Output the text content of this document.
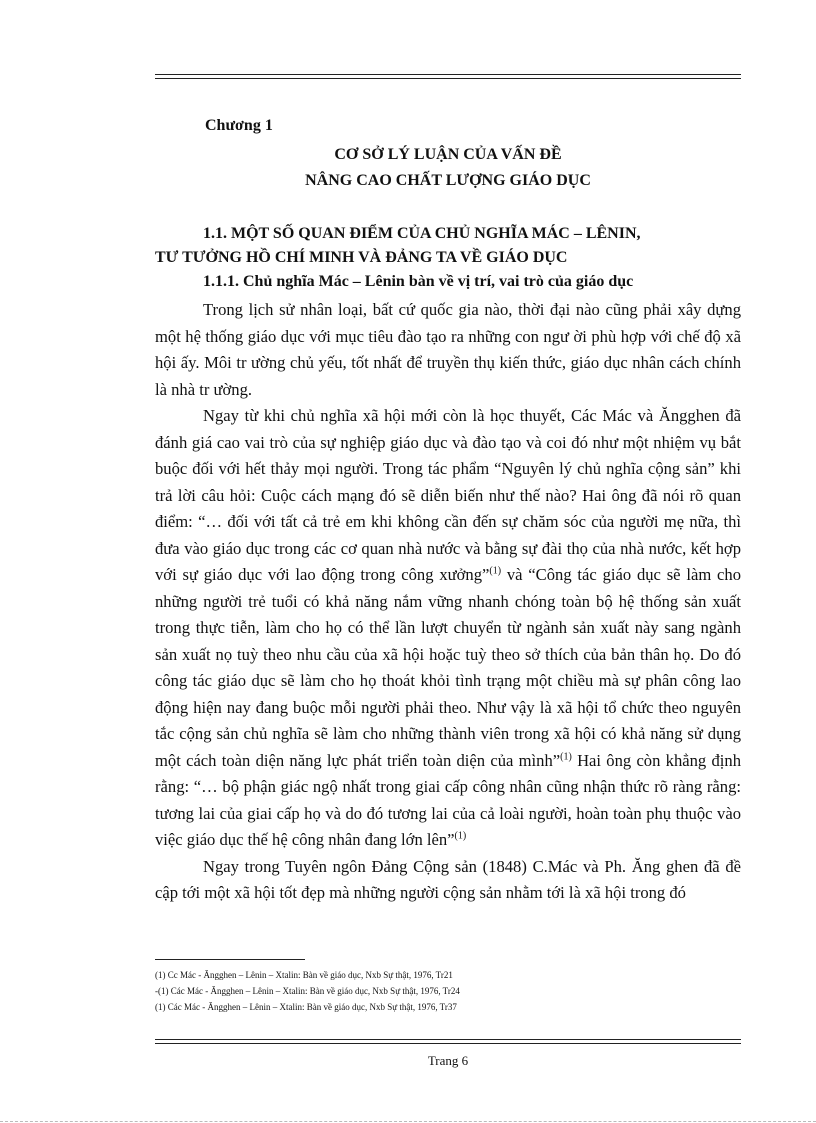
Chương 1
CƠ SỞ LÝ LUẬN CỦA VẤN ĐỀ
NÂNG CAO CHẤT LƯỢNG GIÁO DỤC
1.1. MỘT SỐ QUAN ĐIỂM CỦA CHỦ NGHĨA MÁC – LÊNIN,
TƯ TƯỞNG HỒ CHÍ MINH VÀ ĐẢNG TA VỀ GIÁO DỤC
1.1.1. Chủ nghĩa Mác – Lênin bàn về vị trí, vai trò của giáo dục

Trong lịch sử nhân loại, bất cứ quốc gia nào, thời đại nào cũng phải xây dựng một hệ thống giáo dục với mục tiêu đào tạo ra những con ngư ời phù hợp với chế độ xã hội ấy. Môi tr ường chủ yếu, tốt nhất để truyền thụ kiến thức, giáo dục nhân cách chính là nhà tr ường.

Ngay từ khi chủ nghĩa xã hội mới còn là học thuyết, Các Mác và Ăngghen đã đánh giá cao vai trò của sự nghiệp giáo dục và đào tạo và coi đó như một nhiệm vụ bắt buộc đối với hết thảy mọi người. Trong tác phẩm “Nguyên lý chủ nghĩa cộng sản” khi trả lời câu hỏi: Cuộc cách mạng đó sẽ diễn biến như thế nào? Hai ông đã nói rõ quan điểm: “… đối với tất cả trẻ em khi không cần đến sự chăm sóc của người mẹ nữa, thì đưa vào giáo dục trong các cơ quan nhà nước và bằng sự đài thọ của nhà nước, kết hợp với sự giáo dục với lao động trong công xưởng”$^{(1)}$ và “Công tác giáo dục sẽ làm cho những người trẻ tuổi có khả năng nắm vững nhanh chóng toàn bộ hệ thống sản xuất trong thực tiễn, làm cho họ có thể lần lượt chuyển từ ngành sản xuất này sang ngành sản xuất nọ tuỳ theo nhu cầu của xã hội hoặc tuỳ theo sở thích của bản thân họ. Do đó công tác giáo dục sẽ làm cho họ thoát khỏi tình trạng một chiều mà sự phân công lao động hiện nay đang buộc mỗi người phải theo. Như vậy là xã hội tổ chức theo nguyên tắc cộng sản chủ nghĩa sẽ làm cho những thành viên trong xã hội có khả năng sử dụng một cách toàn diện năng lực phát triển toàn diện của mình”$^{(1)}$ Hai ông còn khẳng định rằng: “… bộ phận giác ngộ nhất trong giai cấp công nhân cũng nhận thức rõ ràng rằng: tương lai của giai cấp họ và do đó tương lai của cả loài người, hoàn toàn phụ thuộc vào việc giáo dục thế hệ công nhân đang lớn lên”$^{(1)}$

Ngay trong Tuyên ngôn Đảng Cộng sản (1848) C.Mác và Ph. Ăng ghen đã đề cập tới một xã hội tốt đẹp mà những người cộng sản nhằm tới là xã hội trong đó

(1) Cc Mác - Ăngghen – Lênin – Xtalin: Bàn về giáo dục, Nxb Sự thật, 1976, Tr21
-(1) Các Mác - Ăngghen – Lênin – Xtalin: Bàn về giáo dục, Nxb Sự thật, 1976, Tr24
(1) Các Mác - Ăngghen – Lênin – Xtalin: Bàn về giáo dục, Nxb Sự thật, 1976, Tr37
Trang 6
